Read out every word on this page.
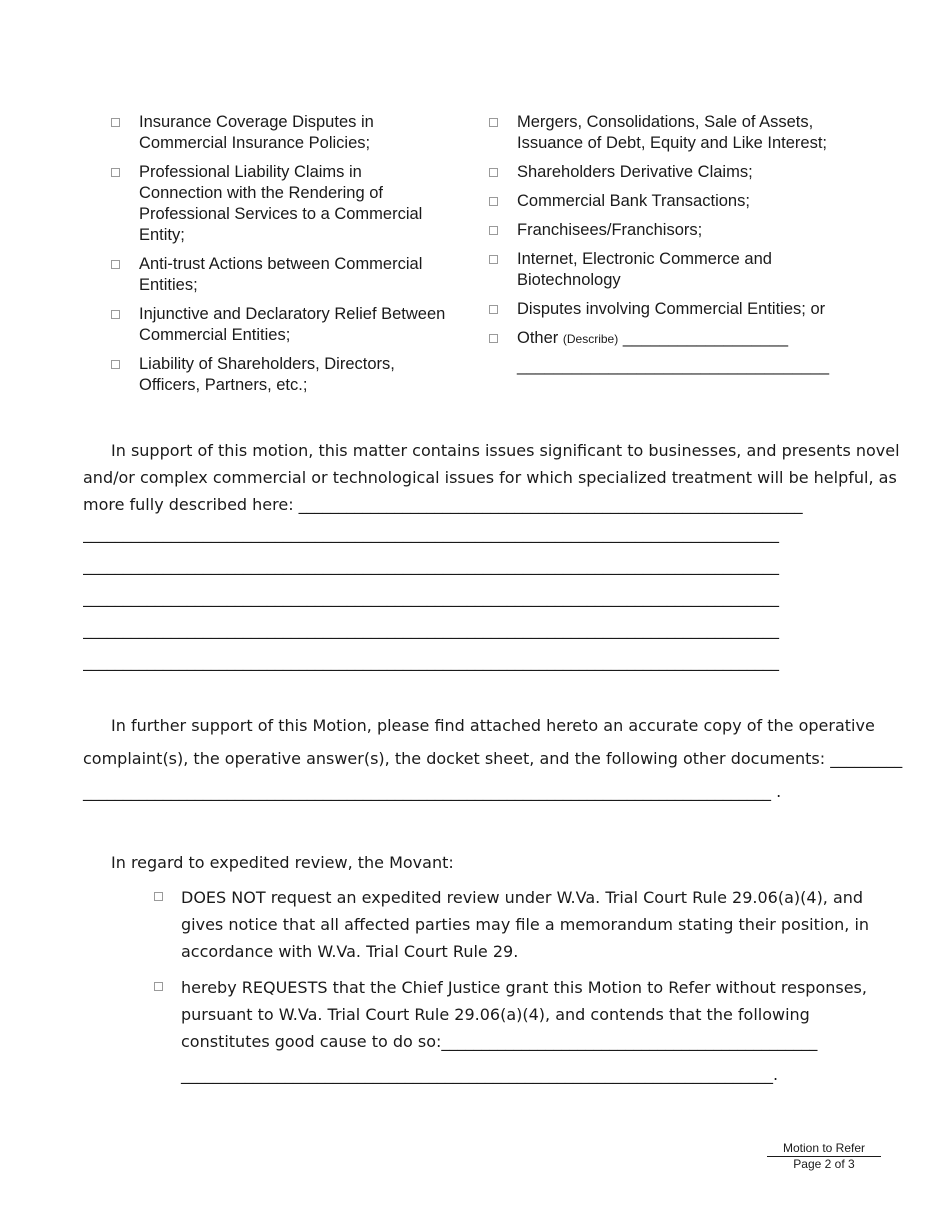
Insurance Coverage Disputes in
Commercial Insurance Policies;
Professional Liability Claims in
Connection with the Rendering of
Professional Services to a Commercial
Entity;
Anti-trust Actions between Commercial
Entities;
Injunctive and Declaratory Relief Between
Commercial Entities;
Liability of Shareholders, Directors,
Officers, Partners, etc.;
Mergers, Consolidations, Sale of Assets,
Issuance of Debt, Equity and Like Interest;
Shareholders Derivative Claims;
Commercial Bank Transactions;
Franchisees/Franchisors;
Internet, Electronic Commerce and
Biotechnology
Disputes involving Commercial Entities; or
Other (Describe) __________________
__________________________________
In support of this motion, this matter contains issues significant to businesses, and presents novel
and/or complex commercial or technological issues for which specialized treatment will be helpful, as
more fully described here: _______________________________________________________________
_______________________________________________________________________________________
_______________________________________________________________________________________
_______________________________________________________________________________________
_______________________________________________________________________________________
_______________________________________________________________________________________
In further support of this Motion, please find attached hereto an accurate copy of the operative
complaint(s), the operative answer(s), the docket sheet, and the following other documents: _________
______________________________________________________________________________________ .
In regard to expedited review, the Movant:
DOES NOT request an expedited review under W.Va. Trial Court Rule 29.06(a)(4), and
gives notice that all affected parties may file a memorandum stating their position, in
accordance with W.Va. Trial Court Rule 29.
hereby REQUESTS that the Chief Justice grant this Motion to Refer without responses,
pursuant to W.Va. Trial Court Rule 29.06(a)(4), and contends that the following
constitutes good cause to do so:_______________________________________________
__________________________________________________________________________.
Motion to Refer
Page 2 of 3
